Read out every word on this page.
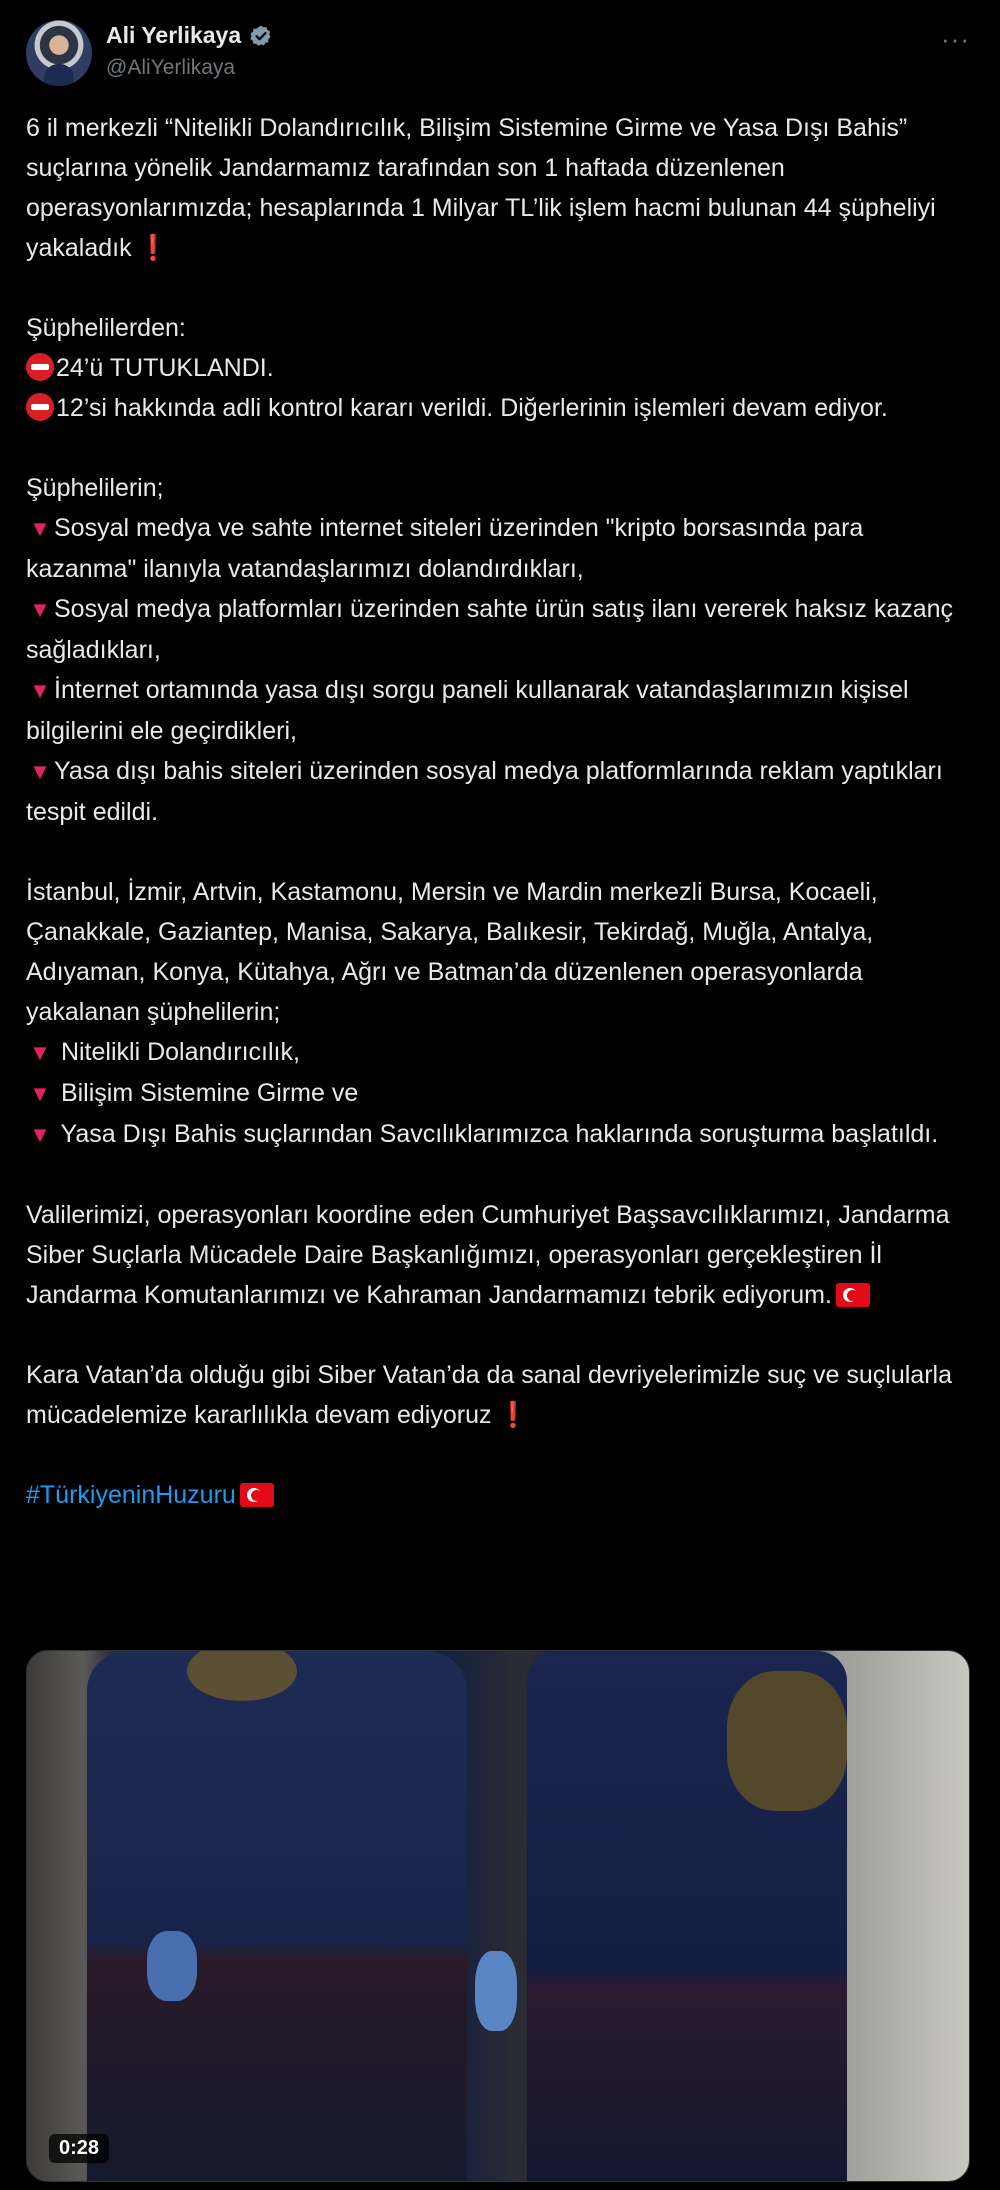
Ali Yerlikaya
@AliYerlikaya
···

6 il merkezli “Nitelikli Dolandırıcılık, Bilişim Sistemine Girme ve Yasa Dışı Bahis” suçlarına yönelik Jandarmamız tarafından son 1 haftada düzenlenen operasyonlarımızda; hesaplarında 1 Milyar TL’lik işlem hacmi bulunan 44 şüpheliyi yakaladık ❗

Şüphelilerden:

24’ü TUTUKLANDI.

12’si hakkında adli kontrol kararı verildi. Diğerlerinin işlemleri devam ediyor.

Şüphelilerin;

▼ Sosyal medya ve sahte internet siteleri üzerinden "kripto borsasında para kazanma" ilanıyla vatandaşlarımızı dolandırdıkları,

▼ Sosyal medya platformları üzerinden sahte ürün satış ilanı vererek haksız kazanç sağladıkları,

▼ İnternet ortamında yasa dışı sorgu paneli kullanarak vatandaşlarımızın kişisel bilgilerini ele geçirdikleri,

▼ Yasa dışı bahis siteleri üzerinden sosyal medya platformlarında reklam yaptıkları tespit edildi.

İstanbul, İzmir, Artvin, Kastamonu, Mersin ve Mardin merkezli Bursa, Kocaeli, Çanakkale, Gaziantep, Manisa, Sakarya, Balıkesir, Tekirdağ, Muğla, Antalya, Adıyaman, Konya, Kütahya, Ağrı ve Batman’da düzenlenen operasyonlarda yakalanan şüphelilerin;

▼ Nitelikli Dolandırıcılık,

▼ Bilişim Sistemine Girme ve

▼ Yasa Dışı Bahis suçlarından Savcılıklarımızca haklarında soruşturma başlatıldı.

Valilerimizi, operasyonları koordine eden Cumhuriyet Başsavcılıklarımızı, Jandarma Siber Suçlarla Mücadele Daire Başkanlığımızı, operasyonları gerçekleştiren İl Jandarma Komutanlarımızı ve Kahraman Jandarmamızı tebrik ediyorum.

Kara Vatan’da olduğu gibi Siber Vatan’da da sanal devriyelerimizle suç ve suçlularla mücadelemize kararlılıkla devam ediyoruz ❗

#TürkiyeninHuzuru

0:28
